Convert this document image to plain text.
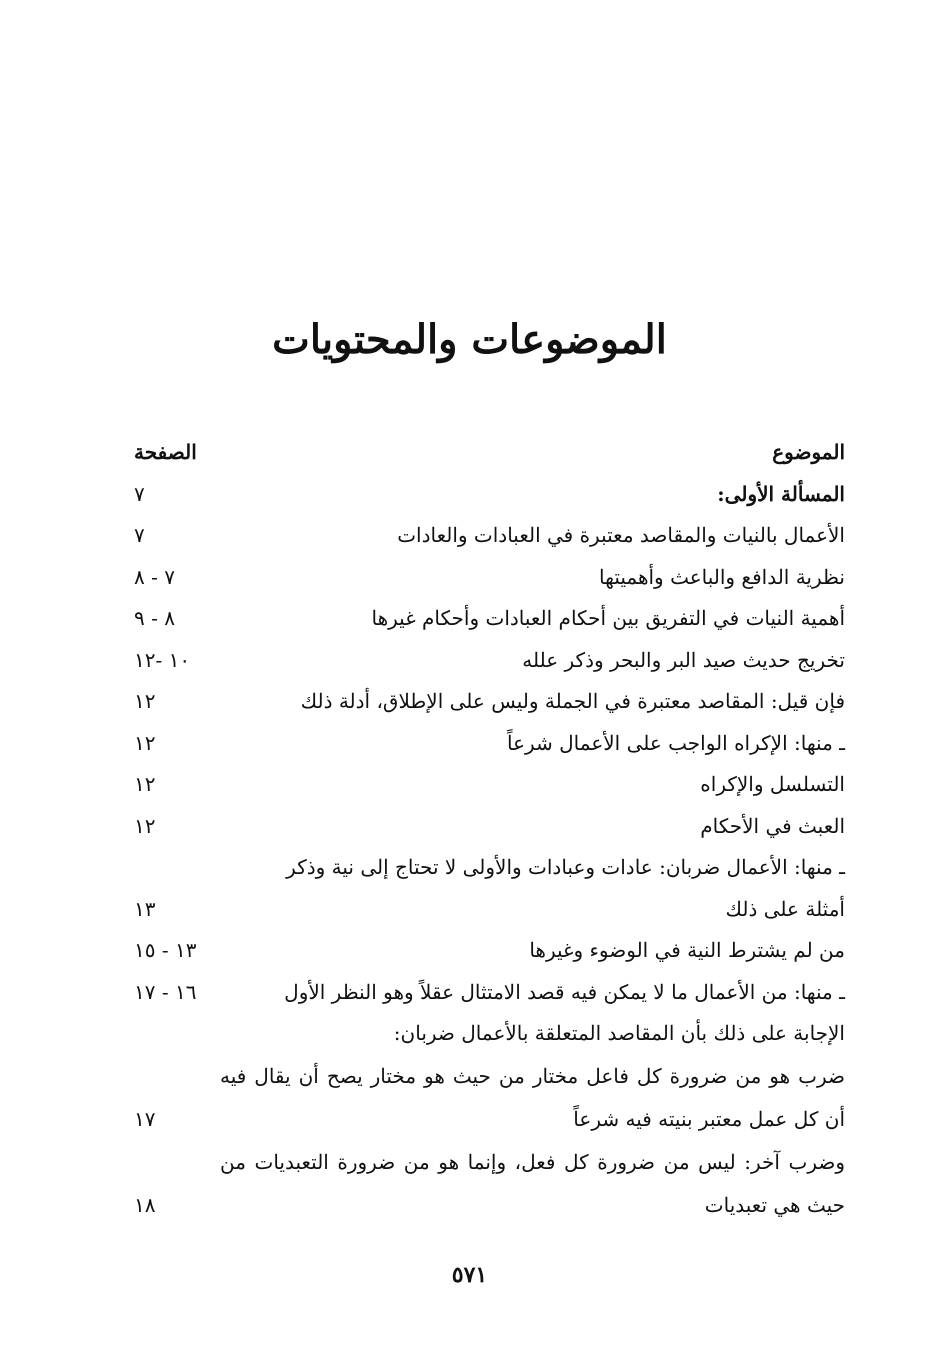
الموضوعات والمحتويات
الموضوع
الصفحة
المسألة الأولى:
٧
الأعمال بالنيات والمقاصد معتبرة في العبادات والعادات
٧
نظرية الدافع والباعث وأهميتها
٧ - ٨
أهمية النيات في التفريق بين أحكام العبادات وأحكام غيرها
٨ - ٩
تخريج حديث صيد البر والبحر وذكر علله
١٠ -١٢
فإن قيل: المقاصد معتبرة في الجملة وليس على الإطلاق، أدلة ذلك
١٢
ـ منها: الإكراه الواجب على الأعمال شرعاً
١٢
التسلسل والإكراه
١٢
العبث في الأحكام
١٢
ـ منها: الأعمال ضربان: عادات وعبادات والأولى لا تحتاج إلى نية وذكر
أمثلة على ذلك
١٣
من لم يشترط النية في الوضوء وغيرها
١٣ - ١٥
ـ منها: من الأعمال ما لا يمكن فيه قصد الامتثال عقلاً وهو النظر الأول
١٦ - ١٧
الإجابة على ذلك بأن المقاصد المتعلقة بالأعمال ضربان:
ضرب هو من ضرورة كل فاعل مختار من حيث هو مختار يصح أن يقال فيه أن كل عمل معتبر بنيته فيه شرعاً
١٧
وضرب آخر: ليس من ضرورة كل فعل، وإنما هو من ضرورة التعبديات من حيث هي تعبديات
١٨
٥٧١
